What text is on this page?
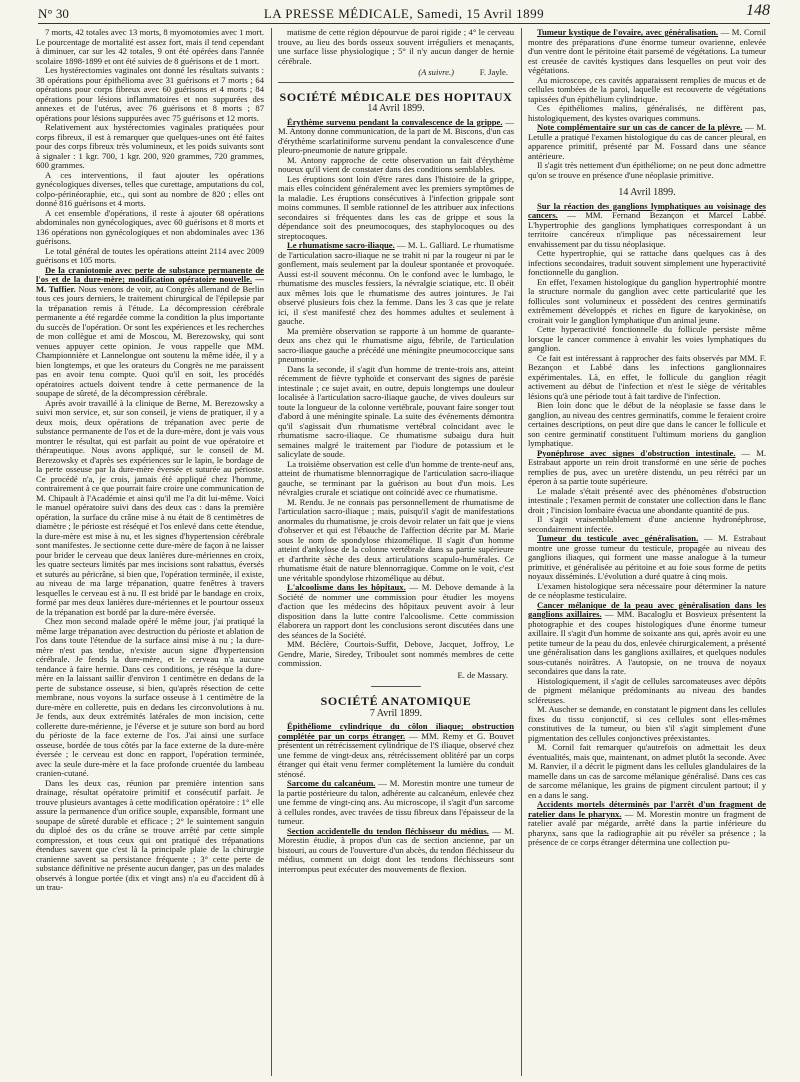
N° 30	LA PRESSE MÉDICALE, Samedi, 15 Avril 1899	148

7 morts, 42 totales avec 13 morts, 8 myomotomies avec 1 mort. Le pourcentage de mortalité est assez fort, mais il tend cependant à diminuer, car sur les 42 totales, 9 ont été opérées dans l'année scolaire 1898-1899 et ont été suivies de 8 guérisons et de 1 mort.

Les hystérectomies vaginales ont donné les résultats suivants : 38 opérations pour épithélioma avec 31 guérisons et 7 morts ; 64 opérations pour corps fibreux avec 60 guérisons et 4 morts ; 84 opérations pour lésions inflammatoires et non suppurées des annexes et de l'utérus, avec 76 guérisons et 8 morts ; 87 opérations pour lésions suppurées avec 75 guérisons et 12 morts.

Relativement aux hystérectomies vaginales pratiquées pour corps fibreux, il est à remarquer que quelques-unes ont été faites pour des corps fibreux très volumineux, et les poids suivants sont à signaler : 1 kgr. 700, 1 kgr. 200, 920 grammes, 720 grammes, 600 grammes.

A ces interventions, il faut ajouter les opérations gynécologiques diverses, telles que curettage, amputations du col, colpo-périnéoraphie, etc., qui sont au nombre de 820 ; elles ont donné 816 guérisons et 4 morts.

A cet ensemble d'opérations, il reste à ajouter 68 opérations abdominales non gynécologiques, avec 60 guérisons et 8 morts et 136 opérations non gynécologiques et non abdominales avec 136 guérisons.

Le total général de toutes les opérations atteint 2114 avec 2009 guérisons et 105 morts.

De la craniotomie avec perte de substance permanente de l'os et de la dure-mère; modification opératoire nouvelle. — M. Tuffier. Nous venons de voir, au Congrès allemand de Berlin tous ces jours derniers, le traitement chirurgical de l'épilepsie par la trépanation remis à l'étude. La décompression cérébrale permanente a été regardée comme la condition la plus importante du succès de l'opération. Or sont les expériences et les recherches de mon collègue et ami de Moscou, M. Berezowsky, qui sont venues appuyer cette opinion. Je vous rappelle que MM. Championnière et Lannelongue ont soutenu la même idée, il y a bien longtemps, et que les orateurs du Congrès ne me paraissent pas en avoir tenu compte. Quoi qu'il en soit, les procédés opératoires actuels doivent tendre à cette permanence de la soupape de sûreté, de la décompression cérébrale.

Après avoir travaillé à la clinique de Berne, M. Berezowsky a suivi mon service, et, sur son conseil, je viens de pratiquer, il y a deux mois, deux opérations de trépanation avec perte de substance permanente de l'os et de la dure-mère, dont je vais vous montrer le résultat, qui est parfait au point de vue opératoire et thérapeutique. Nous avons appliqué, sur le conseil de M. Berezowsky et d'après ses expériences sur le lapin, le bordage de la perte osseuse par la dure-mère éversée et suturée au périoste. Ce procédé n'a, je crois, jamais été appliqué chez l'homme, contrairement à ce que pourrait faire croire une communication de M. Chipault à l'Académie et ainsi qu'il me l'a dit lui-même. Voici le manuel opératoire suivi dans des deux cas : dans la première opération, la surface du crâne mise à nu était de 8 centimètres de diamètre ; le périoste est réséqué et l'os enlevé dans cette étendue, la dure-mère est mise à nu, et les signes d'hypertension cérébrale sont manifestes. Je sectionne cette dure-mère de façon à ne laisser pour brider le cerveau que deux lanières dure-mériennes en croix, les quatre secteurs limités par mes incisions sont rabattus, éversés et suturés au péricrâne, si bien que, l'opération terminée, il existe, au niveau de ma large trépanation, quatre fenêtres à travers lesquelles le cerveau est à nu. Il est bridé par le bandage en croix, formé par mes deux lanières dure-mériennes et le pourtour osseux de la trépanation est bordé par la dure-mère éversée.

Chez mon second malade opéré le même jour, j'ai pratiqué la même large trépanation avec destruction du périoste et ablation de l'os dans toute l'étendue de la surface ainsi mise à nu ; la dure-mère n'est pas tendue, n'existe aucun signe d'hypertension cérébrale. Je fends la dure-mère, et le cerveau n'a aucune tendance à faire hernie. Dans ces conditions, je résèque la dure-mère en la laissant saillir d'environ 1 centimètre en dedans de la perte de substance osseuse, si bien, qu'après résection de cette membrane, nous voyons la surface osseuse à 1 centimètre de la dure-mère en collerette, puis en dedans les circonvolutions à nu. Je fends, aux deux extrémités latérales de mon incision, cette collerette dure-mérienne, je l'éverse et je suture son bord au bord du périoste de la face externe de l'os. J'ai ainsi une surface osseuse, bordée de tous côtés par la face externe de la dure-mère éversée ; le cerveau est donc en rapport, l'opération terminée, avec la seule dure-mère et la face profonde cruentée du lambeau cranien-cutané.

Dans les deux cas, réunion par première intention sans drainage, résultat opératoire primitif et consécutif parfait. Je trouve plusieurs avantages à cette modification opératoire : 1° elle assure la permanence d'un orifice souple, expansible, formant une soupape de sûreté durable et efficace ; 2° le suintement sanguin du diploé des os du crâne se trouve arrêté par cette simple compression, et tous ceux qui ont pratiqué des trépanations étendues savent que c'est là la principale plaie de la chirurgie cranienne savent sa persistance fréquente ; 3° cette perte de substance définitive ne présente aucun danger, pas un des malades observés à longue portée (dix et vingt ans) n'a eu d'accident dû à un trau-

matisme de cette région dépourvue de paroi rigide ; 4° le cerveau trouve, au lieu des bords osseux souvent irréguliers et menaçants, une surface lisse physiologique ; 5° il n'y aucun danger de hernie cérébrale.

(A suivre.)	F. Jayle.

SOCIÉTÉ MÉDICALE DES HOPITAUX
14 Avril 1899.

Érythème survenu pendant la convalescence de la grippe. — M. Antony donne communication, de la part de M. Biscons, d'un cas d'érythème scarlatiniforme survenu pendant la convalescence d'une pleuro-pneumonie de nature grippale.

M. Antony rapproche de cette observation un fait d'érythème noueux qu'il vient de constater dans des conditions semblables.

Les éruptions sont loin d'être rares dans l'histoire de la grippe, mais elles coïncident généralement avec les premiers symptômes de la maladie. Les éruptions consécutives à l'infection grippale sont moins communes. Il semble rationnel de les attribuer aux infections secondaires si fréquentes dans les cas de grippe et sous la dépendance soit des pneumocoques, des staphylocoques ou des streptocoques.

Le rhumatisme sacro-iliaque. — M. L. Galliard. Le rhumatisme de l'articulation sacro-iliaque ne se trahit ni par la rougeur ni par le gonflement, mais seulement par la douleur spontanée et provoquée. Aussi est-il souvent méconnu. On le confond avec le lumbago, le rhumatisme des muscles fessiers, la névralgie sciatique, etc. Il obéit aux mêmes lois que le rhumatisme des autres jointures. Je l'ai observé plusieurs fois chez la femme. Dans les 3 cas que je relate ici, il s'est manifesté chez des hommes adultes et seulement à gauche.

Ma première observation se rapporte à un homme de quarante-deux ans chez qui le rhumatisme aigu, fébrile, de l'articulation sacro-iliaque gauche a précédé une méningite pneumococcique sans pneumonie.

Dans la seconde, il s'agit d'un homme de trente-trois ans, atteint récemment de fièvre typhoïde et conservant des signes de parésie intestinale ; ce sujet avait, en outre, depuis longtemps une douleur localisée à l'articulation sacro-iliaque gauche, de vives douleurs sur toute la longueur de la colonne vertébrale, pouvant faire songer tout d'abord à une méningite spinale. La suite des événements démontra qu'il s'agissait d'un rhumatisme vertébral coïncidant avec le rhumatisme sacro-iliaque. Ce rhumatisme subaigu dura huit semaines malgré le traitement par l'iodure de potassium et le salicylate de soude.

La troisième observation est celle d'un homme de trente-neuf ans, atteint de rhumatisme blennorragique de l'articulation sacro-iliaque gauche, se terminant par la guérison au bout d'un mois. Les névralgies crurale et sciatique ont coïncidé avec ce rhumatisme.

M. Rendu. Je ne connais pas personnellement de rhumatisme de l'articulation sacro-iliaque ; mais, puisqu'il s'agit de manifestations anormales du rhumatisme, je crois devoir relater un fait que je viens d'observer et qui est l'ébauche de l'affection décrite par M. Marie sous le nom de spondylose rhizomélique. Il s'agit d'un homme atteint d'ankylose de la colonne vertébrale dans sa partie supérieure et d'arthrite sèche des deux articulations scapulo-humérales. Ce rhumatisme était de nature blennorragique. Comme on le voit, c'est une véritable spondylose rhizomélique au début.

L'alcoolisme dans les hôpitaux. — M. Debove demande à la Société de nommer une commission pour étudier les moyens d'action que les médecins des hôpitaux peuvent avoir à leur disposition dans la lutte contre l'alcoolisme. Cette commission élaborera un rapport dont les conclusions seront discutées dans une des séances de la Société.

MM. Béclère, Courtois-Suffit, Debove, Jacquet, Joffroy, Le Gendre, Marie, Siredey, Triboulet sont nommés membres de cette commission.

E. de Massary.

SOCIÉTÉ ANATOMIQUE
7 Avril 1899.

Épithéliome cylindrique du côlon iliaque; obstruction complétée par un corps étranger. — MM. Remy et G. Bouvet présentent un rétrécissement cylindrique de l'S iliaque, observé chez une femme de vingt-deux ans, rétrécissement oblitéré par un corps étranger qui était venu fermer complètement la lumière du conduit sténosé.

Sarcome du calcanéum. — M. Morestin montre une tumeur de la partie postérieure du talon, adhérente au calcanéum, enlevée chez une femme de vingt-cinq ans. Au microscope, il s'agit d'un sarcome à cellules rondes, avec travées de tissu fibreux dans l'épaisseur de la tumeur.

Section accidentelle du tendon fléchisseur du médius. — M. Morestin étudie, à propos d'un cas de section ancienne, par un bistouri, au cours de l'ouverture d'un abcès, du tendon fléchisseur du médius, comment un doigt dont les tendons fléchisseurs sont interrompus peut exécuter des mouvements de flexion.

Tumeur kystique de l'ovaire, avec généralisation. — M. Cornil montre des préparations d'une énorme tumeur ovarienne, enlevée d'un ventre dont le péritoine était parsemé de végétations. La tumeur est creusée de cavités kystiques dans lesquelles on peut voir des végétations.

Au microscope, ces cavités apparaissent remplies de mucus et de cellules tombées de la paroi, laquelle est recouverte de végétations tapissées d'un épithélium cylindrique.

Ces épithéliomes malins, généralisés, ne diffèrent pas, histologiquement, des kystes ovariques communs.

Note complémentaire sur un cas de cancer de la plèvre. — M. Letulle a pratiqué l'examen histologique du cas de cancer pleural, en apparence primitif, présenté par M. Fossard dans une séance antérieure.

Il s'agit très nettement d'un épithéliome; on ne peut donc admettre qu'on se trouve en présence d'une néoplasie primitive.

14 Avril 1899.

Sur la réaction des ganglions lymphatiques au voisinage des cancers. — MM. Fernand Bezançon et Marcel Labbé. L'hypertrophie des ganglions lymphatiques correspondant à un territoire cancéreux n'implique pas nécessairement leur envahissement par du tissu néoplasique.

Cette hypertrophie, qui se rattache dans quelques cas à des infections secondaires, traduit souvent simplement une hyperactivité fonctionnelle du ganglion.

En effet, l'examen histologique du ganglion hypertrophié montre la structure normale du ganglion avec cette particularité que les follicules sont volumineux et possèdent des centres germinatifs extrêmement développés et riches en figure de karyokinèse, on croirait voir le ganglion lymphatique d'un animal jeune.

Cette hyperactivité fonctionnelle du follicule persiste même lorsque le cancer commence à envahir les voies lymphatiques du ganglion.

Ce fait est intéressant à rapprocher des faits observés par MM. F. Bezançon et Labbé dans les infections ganglionnaires expérimentales. Là, en effet, le follicule du ganglion réagit activement au début de l'infection et n'est le siège de véritables lésions qu'à une période tout à fait tardive de l'infection.

Bien loin donc que le début de la néoplasie se fasse dans le ganglion, au niveau des centres germinatifs, comme le feraient croire certaines descriptions, on peut dire que dans le cancer le follicule et son centre germinatif constituent l'ultimum moriens du ganglion lymphatique.

Pyonéphrose avec signes d'obstruction intestinale. — M. Estrabaut apporte un rein droit transformé en une série de poches remplies de pus, avec un uretère distendu, un peu rétréci par un éperon à sa partie toute supérieure.

Le malade s'était présenté avec des phénomènes d'obstruction intestinale ; l'examen permit de constater une collection dans le flanc droit ; l'incision lombaire évacua une abondante quantité de pus.

Il s'agit vraisemblablement d'une ancienne hydronéphrose, secondairement infectée.

Tumeur du testicule avec généralisation. — M. Estrabaut montre une grosse tumeur du testicule, propagée au niveau des ganglions iliaques, qui forment une masse analogue à la tumeur primitive, et généralisée au péritoine et au foie sous forme de petits noyaux disséminés. L'évolution a duré quatre à cinq mois.

L'examen histologique sera nécessaire pour déterminer la nature de ce néoplasme testiculaire.

Cancer mélanique de la peau avec généralisation dans les ganglions axillaires. — MM. Bacaloglu et Bosvieux présentent la photographie et des coupes histologiques d'une énorme tumeur axillaire. Il s'agit d'un homme de soixante ans qui, après avoir eu une petite tumeur de la peau du dos, enlevée chirurgicalement, a présenté une généralisation dans les ganglions axillaires, et quelques nodules sous-cutanés noirâtres. A l'autopsie, on ne trouva de noyaux secondaires que dans la rate.

Histologiquement, il s'agit de cellules sarcomateuses avec dépôts de pigment mélanique prédominants au niveau des bandes scléreuses.

M. Auscher se demande, en constatant le pigment dans les cellules fixes du tissu conjonctif, si ces cellules sont elles-mêmes constitutives de la tumeur, ou bien s'il s'agit simplement d'une pigmentation des cellules conjonctives préexistantes.

M. Cornil fait remarquer qu'autrefois on admettait les deux éventualités, mais que, maintenant, on admet plutôt la seconde. Avec M. Ranvier, il a décrit le pigment dans les cellules glandulaires de la mamelle dans un cas de sarcome mélanique généralisé. Dans ces cas de sarcome mélanique, les grains de pigment circulent partout; il y en a dans le sang.

Accidents mortels déterminés par l'arrêt d'un fragment de ratelier dans le pharynx. — M. Morestin montre un fragment de ratelier avalé par mégarde, arrêté dans la partie inférieure du pharynx, sans que la radiographie ait pu révéler sa présence ; la présence de ce corps étranger détermina une collection pu-
